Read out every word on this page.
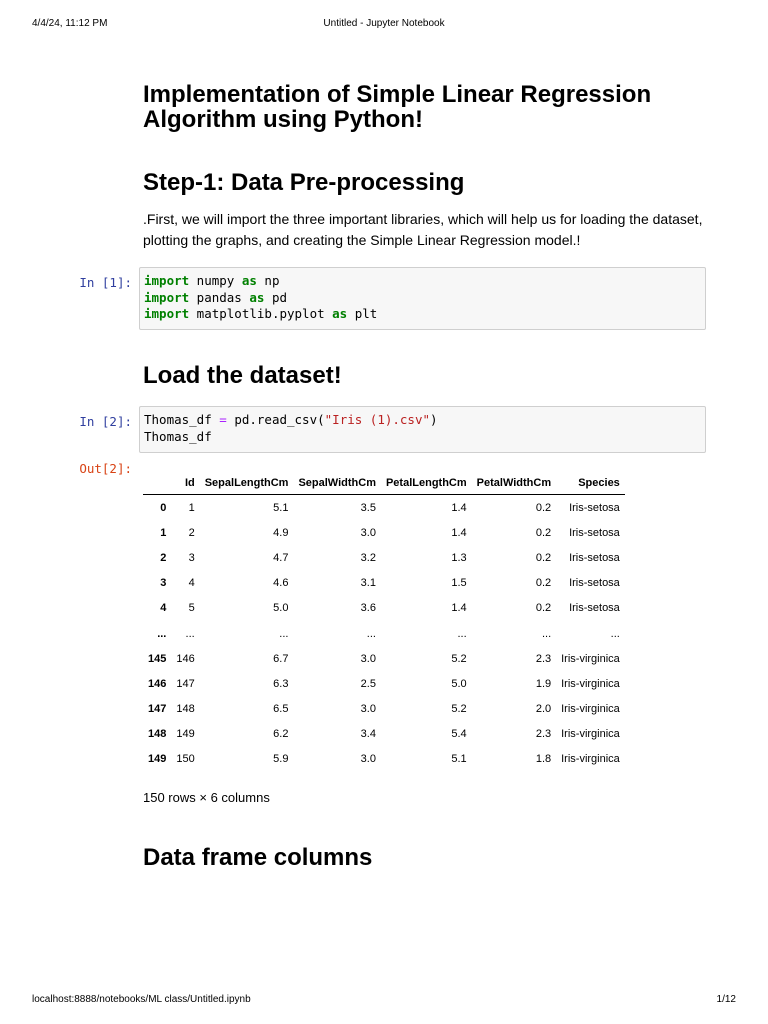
4/4/24, 11:12 PM	Untitled - Jupyter Notebook
Implementation of Simple Linear Regression Algorithm using Python!
Step-1: Data Pre-processing

.First, we will import the three important libraries, which will help us for loading the dataset, plotting the graphs, and creating the Simple Linear Regression model.!

In [1]: import numpy as np
import pandas as pd
import matplotlib.pyplot as plt
Load the dataset!
In [2]: Thomas_df = pd.read_csv("Iris (1).csv")
Thomas_df
Out[2]:
	Id	SepalLengthCm	SepalWidthCm	PetalLengthCm	PetalWidthCm	Species
0	1	5.1	3.5	1.4	0.2	Iris-setosa
1	2	4.9	3.0	1.4	0.2	Iris-setosa
2	3	4.7	3.2	1.3	0.2	Iris-setosa
3	4	4.6	3.1	1.5	0.2	Iris-setosa
4	5	5.0	3.6	1.4	0.2	Iris-setosa
...	...	...	...	...	...	...
145	146	6.7	3.0	5.2	2.3	Iris-virginica
146	147	6.3	2.5	5.0	1.9	Iris-virginica
147	148	6.5	3.0	5.2	2.0	Iris-virginica
148	149	6.2	3.4	5.4	2.3	Iris-virginica
149	150	5.9	3.0	5.1	1.8	Iris-virginica
150 rows × 6 columns
Data frame columns
localhost:8888/notebooks/ML class/Untitled.ipynb	1/12
